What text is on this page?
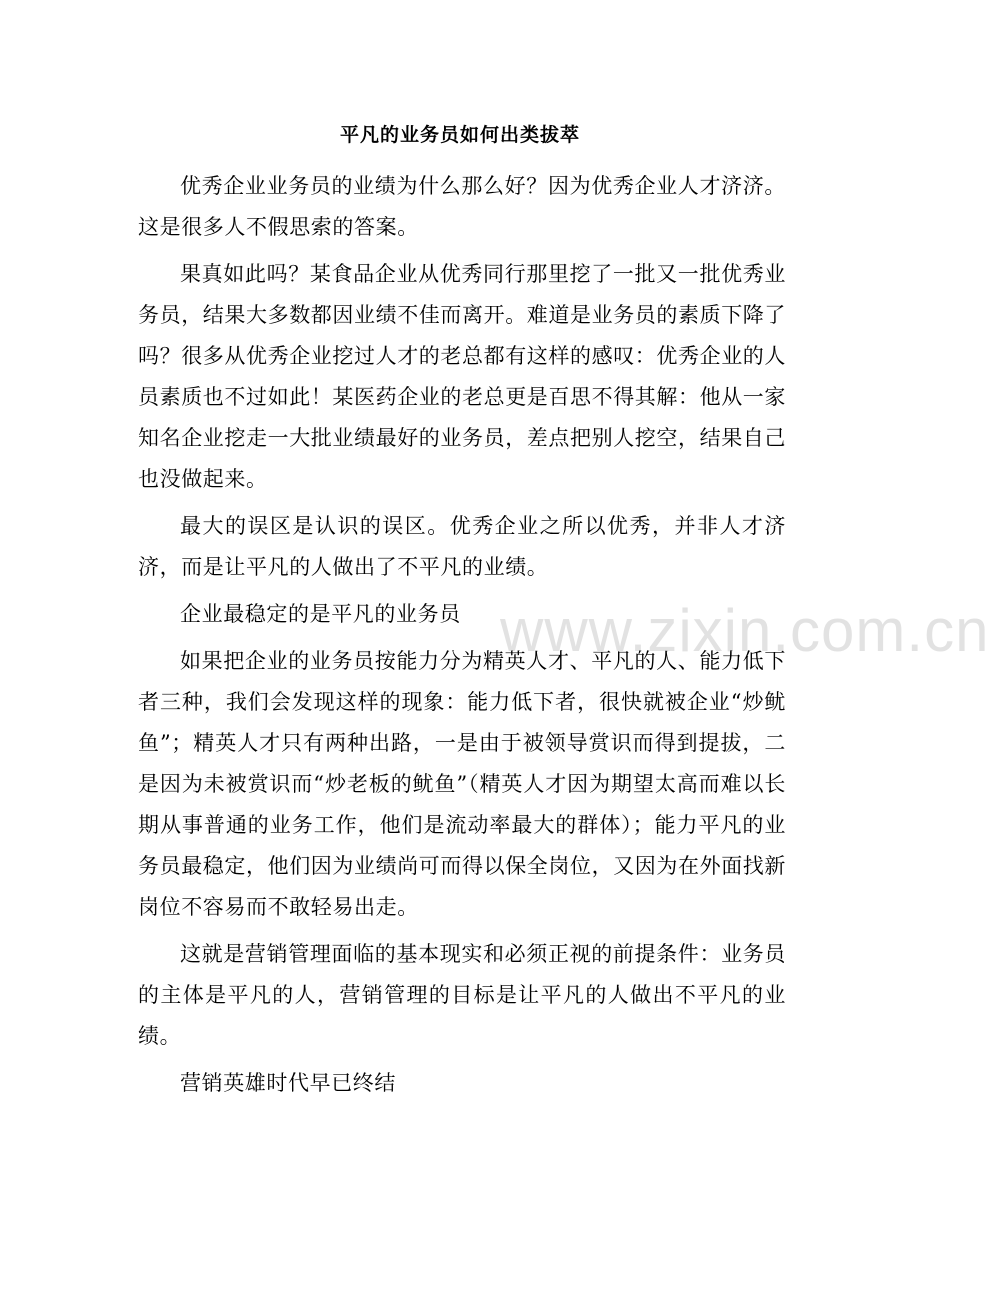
平凡的业务员如何出类拔萃

优秀企业业务员的业绩为什么那么好？因为优秀企业人才济济。这是很多人不假思索的答案。

果真如此吗？某食品企业从优秀同行那里挖了一批又一批优秀业务员，结果大多数都因业绩不佳而离开。难道是业务员的素质下降了吗？很多从优秀企业挖过人才的老总都有这样的感叹：优秀企业的人员素质也不过如此！某医药企业的老总更是百思不得其解：他从一家知名企业挖走一大批业绩最好的业务员，差点把别人挖空，结果自己也没做起来。

最大的误区是认识的误区。优秀企业之所以优秀，并非人才济济，而是让平凡的人做出了不平凡的业绩。

企业最稳定的是平凡的业务员

如果把企业的业务员按能力分为精英人才、平凡的人、能力低下者三种，我们会发现这样的现象：能力低下者，很快就被企业“炒鱿鱼”；精英人才只有两种出路，一是由于被领导赏识而得到提拔，二是因为未被赏识而“炒老板的鱿鱼”（精英人才因为期望太高而难以长期从事普通的业务工作，他们是流动率最大的群体）；能力平凡的业务员最稳定，他们因为业绩尚可而得以保全岗位，又因为在外面找新岗位不容易而不敢轻易出走。

这就是营销管理面临的基本现实和必须正视的前提条件：业务员的主体是平凡的人，营销管理的目标是让平凡的人做出不平凡的业绩。

营销英雄时代早已终结

www.zixin.com.cn
